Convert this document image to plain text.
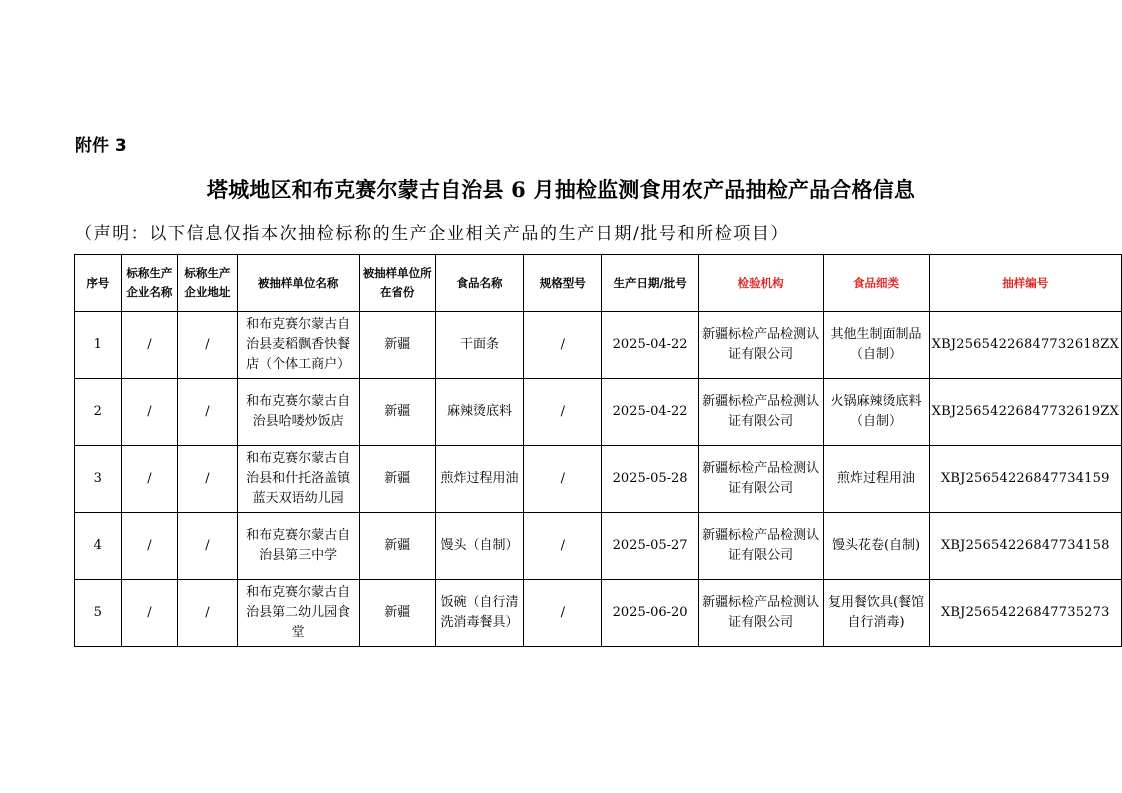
附件 3
塔城地区和布克赛尔蒙古自治县 6 月抽检监测食用农产品抽检产品合格信息
（声明：以下信息仅指本次抽检标称的生产企业相关产品的生产日期/批号和所检项目）
序号	标称生产企业名称	标称生产企业地址	被抽样单位名称	被抽样单位所在省份	食品名称	规格型号	生产日期/批号	检验机构	食品细类	抽样编号
1	/	/	和布克赛尔蒙古自治县麦稻飘香快餐店（个体工商户）	新疆	干面条	/	2025-04-22	新疆标检产品检测认证有限公司	其他生制面制品（自制）	XBJ25654226847732618ZX
2	/	/	和布克赛尔蒙古自治县哈喽炒饭店	新疆	麻辣烫底料	/	2025-04-22	新疆标检产品检测认证有限公司	火锅麻辣烫底料（自制）	XBJ25654226847732619ZX
3	/	/	和布克赛尔蒙古自治县和什托洛盖镇蓝天双语幼儿园	新疆	煎炸过程用油	/	2025-05-28	新疆标检产品检测认证有限公司	煎炸过程用油	XBJ25654226847734159
4	/	/	和布克赛尔蒙古自治县第三中学	新疆	馒头（自制）	/	2025-05-27	新疆标检产品检测认证有限公司	馒头花卷(自制)	XBJ25654226847734158
5	/	/	和布克赛尔蒙古自治县第二幼儿园食堂	新疆	饭碗（自行清洗消毒餐具）	/	2025-06-20	新疆标检产品检测认证有限公司	复用餐饮具(餐馆自行消毒)	XBJ25654226847735273
